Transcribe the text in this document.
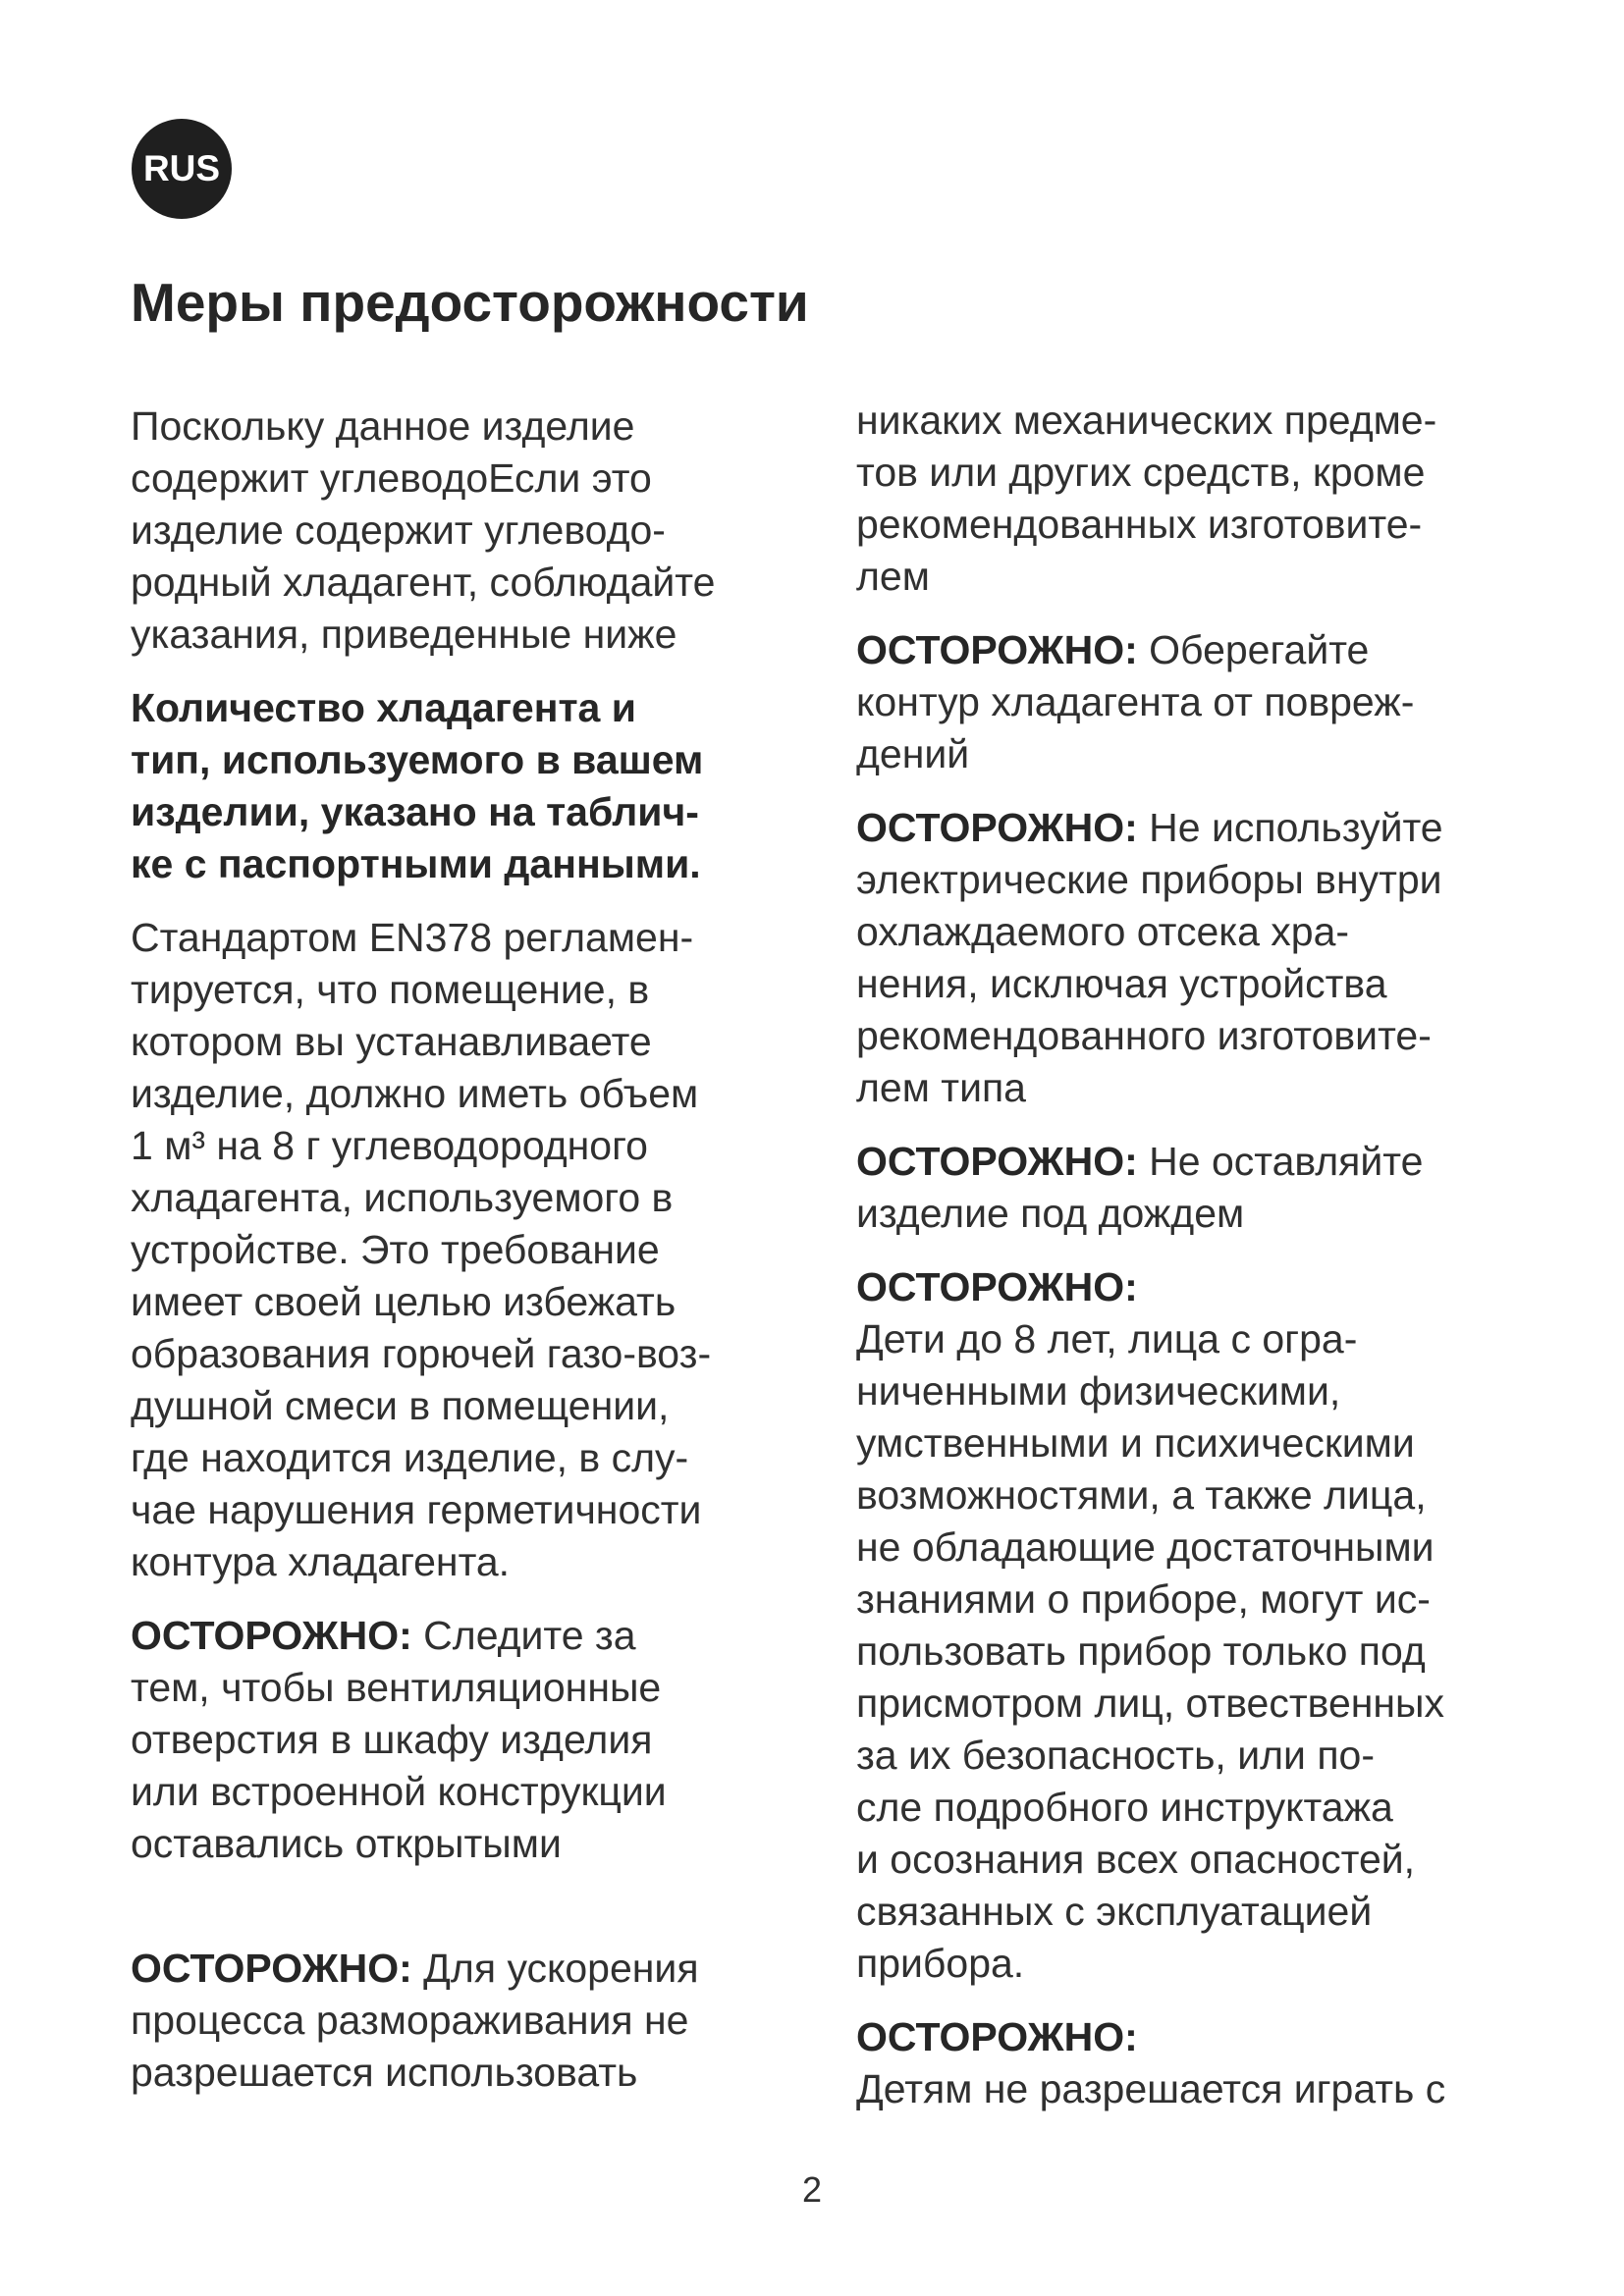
RUS
Меры предосторожности
Поскольку данное изделие
содержит углеводоЕсли это
изделие содержит углеводо-
родный хладагент, соблюдайте
указания, приведенные ниже
Количество хладагента и
тип, используемого в вашем
изделии, указано на таблич-
ке с паспортными данными.
Стандартом EN378 регламен-
тируется, что помещение, в
котором вы устанавливаете
изделие, должно иметь объем
1 м³ на 8 г углеводородного
хладагента, используемого в
устройстве. Это требование
имеет своей целью избежать
образования горючей газо-воз-
душной смеси в помещении,
где находится изделие, в слу-
чае нарушения герметичности
контура хладагента.
ОСТОРОЖНО: Следите за
тем, чтобы вентиляционные
отверстия в шкафу изделия
или встроенной конструкции
оставались открытыми
ОСТОРОЖНО: Для ускорения
процесса размораживания не
разрешается использовать
никаких механических предме-
тов или других средств, кроме
рекомендованных изготовите-
лем
ОСТОРОЖНО: Оберегайте
контур хладагента от повреж-
дений
ОСТОРОЖНО: Не используйте
электрические приборы внутри
охлаждаемого отсека хра-
нения, исключая устройства
рекомендованного изготовите-
лем типа
ОСТОРОЖНО: Не оставляйте
изделие под дождем
ОСТОРОЖНО:
Дети до 8 лет, лица с огра-
ниченными физическими,
умственными и психическими
возможностями, а также лица,
не обладающие достаточными
знаниями о приборе, могут ис-
пользовать прибор только под
присмотром лиц, отвественных
за их безопасность, или по-
сле подробного инструктажа
и осознания всех опасностей,
связанных с эксплуатацией
прибора.
ОСТОРОЖНО:
Детям не разрешается играть с
2
